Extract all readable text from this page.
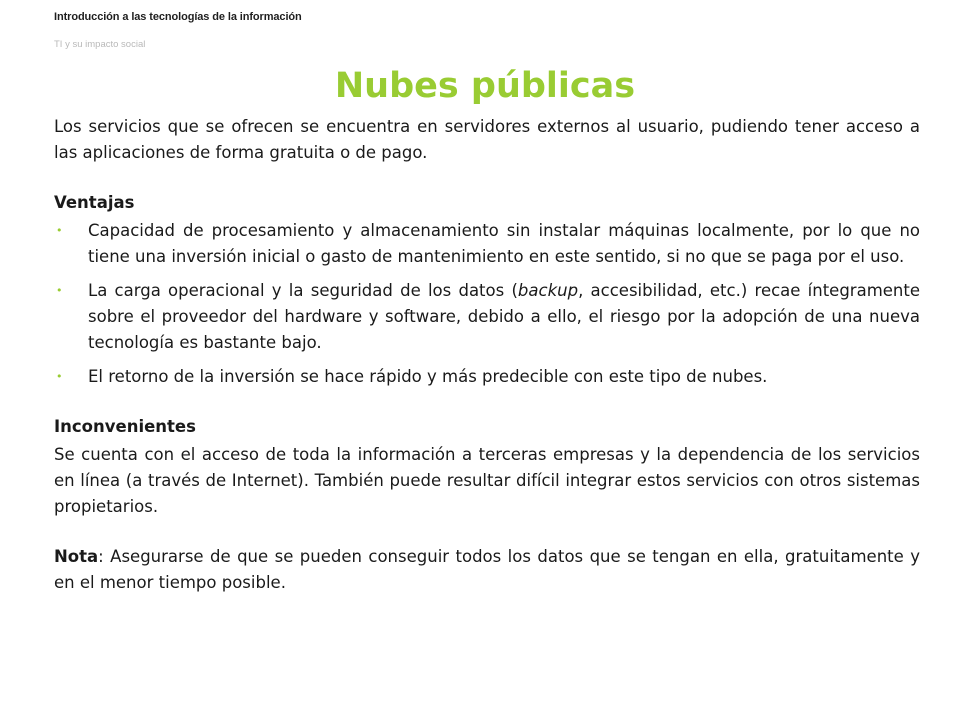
Introducción a las tecnologías de la información
TI y su impacto social
Nubes públicas

Los servicios que se ofrecen se encuentra en servidores externos al usuario, pudiendo tener acceso a las aplicaciones de forma gratuita o de pago.

Ventajas

• Capacidad de procesamiento y almacenamiento sin instalar máquinas localmente, por lo que no tiene una inversión inicial o gasto de mantenimiento en este sentido, si no que se paga por el uso.
• La carga operacional y la seguridad de los datos (backup, accesibilidad, etc.) recae íntegramente sobre el proveedor del hardware y software, debido a ello, el riesgo por la adopción de una nueva tecnología es bastante bajo.
• El retorno de la inversión se hace rápido y más predecible con este tipo de nubes.

Inconvenientes

Se cuenta con el acceso de toda la información a terceras empresas y la dependencia de los servicios en línea (a través de Internet). También puede resultar difícil integrar estos servicios con otros sistemas propietarios.

Nota: Asegurarse de que se pueden conseguir todos los datos que se tengan en ella, gratuitamente y en el menor tiempo posible.
